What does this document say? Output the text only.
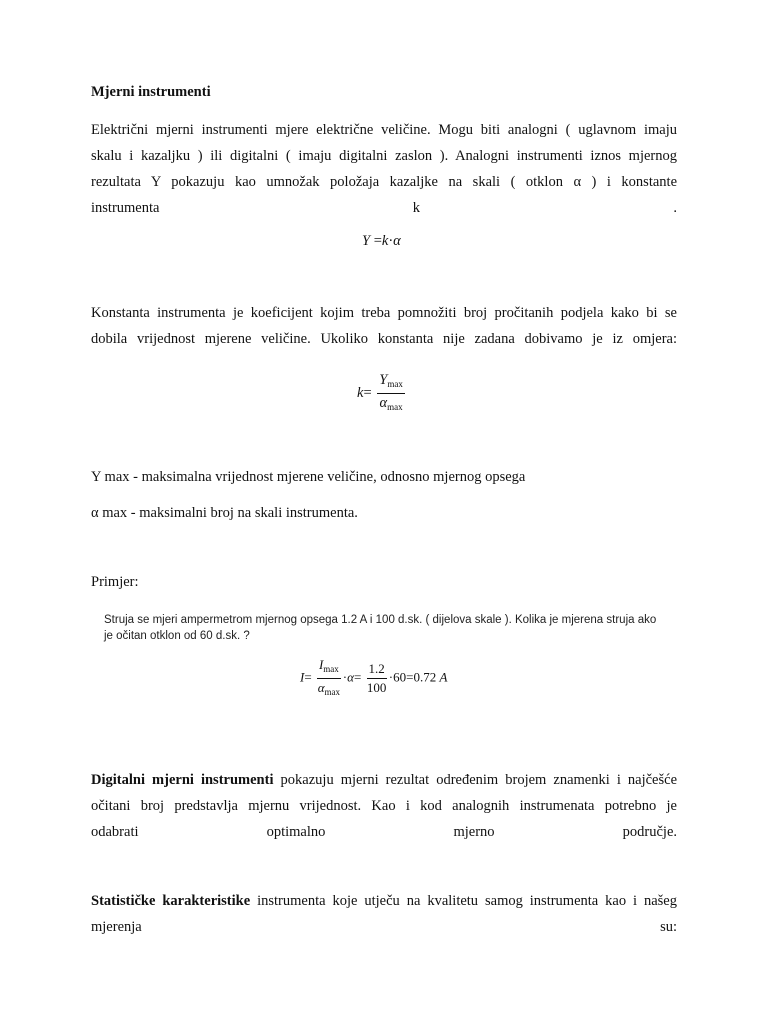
Mjerni instrumenti
Električni mjerni instrumenti mjere električne veličine. Mogu biti analogni ( uglavnom imaju
skalu i kazaljku ) ili digitalni ( imaju digitalni zaslon ). Analogni instrumenti iznos mjernog
rezultata Y pokazuju kao umnožak položaja kazaljke na skali ( otklon α ) i konstante
instrumenta k .
Y =k·α
Konstanta instrumenta je koeficijent kojim treba pomnožiti broj pročitanih podjela kako bi se
dobila vrijednost mjerene veličine. Ukoliko konstanta nije zadana dobivamo je iz omjera:
$k= \frac{Y_{max}}{\alpha_{max}}$
Y max - maksimalna vrijednost mjerene veličine, odnosno mjernog opsega
α max - maksimalni broj na skali instrumenta.
Primjer:
Struja se mjeri ampermetrom mjernog opsega 1.2 A i 100 d.sk. ( dijelova skale ). Kolika je mjerena struja ako
je očitan otklon od 60 d.sk. ?
$I= \frac{I_{max}}{\alpha_{max}} \cdot\alpha= \frac{1.2}{100} \cdot 60=0.72$ A
Digitalni mjerni instrumenti pokazuju mjerni rezultat određenim brojem znamenki i najčešće
očitani broj predstavlja mjernu vrijednost. Kao i kod analognih instrumenata potrebno je
odabrati optimalno mjerno područje.
Statističke karakteristike instrumenta koje utječu na kvalitetu samog instrumenta kao i našeg
mjerenja su:
